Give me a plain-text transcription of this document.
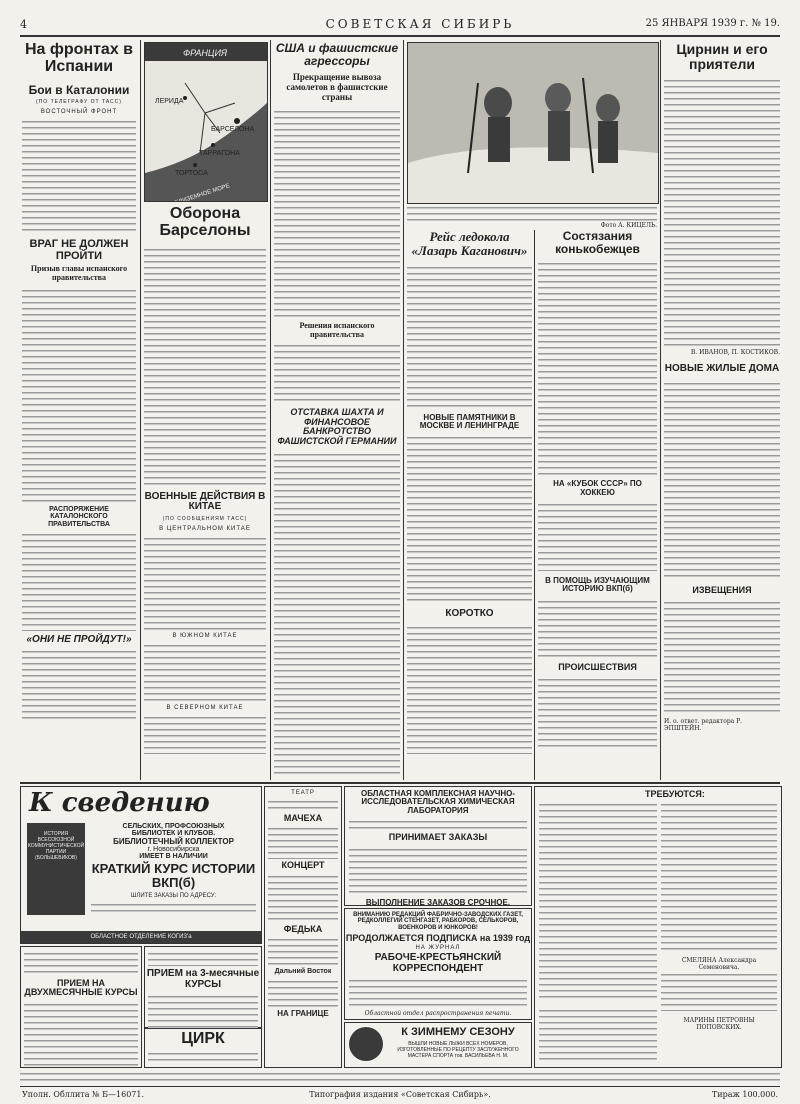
4	СОВЕТСКАЯ СИБИРЬ	25 ЯНВАРЯ 1939 г. № 19.
На фронтах в Испании
Бои в Каталонии
(ПО ТЕЛЕГРАФУ ОТ ТАСС)
ВОСТОЧНЫЙ ФРОНТ
ВРАГ НЕ ДОЛЖЕН ПРОЙТИ
Призыв главы испанского правительства
РАСПОРЯЖЕНИЕ КАТАЛОНСКОГО ПРАВИТЕЛЬСТВА
«ОНИ НЕ ПРОЙДУТ!»
ФРАНЦИЯ
ЛЕРИДА
БАРСЕЛОНА
ТАРРАГОНА
ТОРТОСА
СРЕДИЗЕМНОЕ МОРЕ
Оборона Барселоны
ВОЕННЫЕ ДЕЙСТВИЯ В КИТАЕ
(ПО СООБЩЕНИЯМ ТАСС)
В ЦЕНТРАЛЬНОМ КИТАЕ
В ЮЖНОМ КИТАЕ
В СЕВЕРНОМ КИТАЕ
США и фашистские агрессоры
Прекращение вывоза самолетов в фашистские страны
Решения испанского правительства
ОТСТАВКА ШАХТА И ФИНАНСОВОЕ БАНКРОТСТВО ФАШИСТСКОЙ ГЕРМАНИИ
Фото А. КИЦЕЛЬ.
Рейс ледокола «Лазарь Каганович»
НОВЫЕ ПАМЯТНИКИ В МОСКВЕ И ЛЕНИНГРАДЕ
КОРОТКО
Состязания конькобежцев
НА «КУБОК СССР» ПО ХОККЕЮ
В ПОМОЩЬ ИЗУЧАЮЩИМ ИСТОРИЮ ВКП(б)
ПРОИСШЕСТВИЯ
Цирнин и его приятели
В. ИВАНОВ, П. КОСТИКОВ.
НОВЫЕ ЖИЛЫЕ ДОМА
ИЗВЕЩЕНИЯ
И. о. ответ. редактора Р. ЭПШТЕЙН.
К сведению
ИСТОРИЯ ВСЕСОЮЗНОЙ КОММУНИСТИЧЕСКОЙ ПАРТИИ (БОЛЬШЕВИКОВ)
СЕЛЬСКИХ, ПРОФСОЮЗНЫХ
БИБЛИОТЕК И КЛУБОВ.
БИБЛИОТЕЧНЫЙ КОЛЛЕКТОР
г. Новосибирска
ИМЕЕТ В НАЛИЧИИ
КРАТКИЙ КУРС ИСТОРИИ ВКП(б)
ШЛИТЕ ЗАКАЗЫ ПО АДРЕСУ:
ОБЛАСТНОЕ ОТДЕЛЕНИЕ КОГИЗ'а
ПРИЕМ НА ДВУХМЕСЯЧНЫЕ КУРСЫ
ПРИЕМ на 3-месячные КУРСЫ
ЦИРК
ТЕАТР
МАЧЕХА
КОНЦЕРТ
ФЕДЬКА
Дальний Восток
НА ГРАНИЦЕ
ОБЛАСТНАЯ КОМПЛЕКСНАЯ НАУЧНО-ИССЛЕДОВАТЕЛЬСКАЯ ХИМИЧЕСКАЯ ЛАБОРАТОРИЯ
ПРИНИМАЕТ ЗАКАЗЫ
ВЫПОЛНЕНИЕ ЗАКАЗОВ СРОЧНОЕ.
ВНИМАНИЮ РЕДАКЦИЙ ФАБРИЧНО-ЗАВОДСКИХ ГАЗЕТ, РЕДКОЛЛЕГИЙ СТЕНГАЗЕТ, РАБКОРОВ, СЕЛЬКОРОВ, ВОЕНКОРОВ И ЮНКОРОВ!
ПРОДОЛЖАЕТСЯ ПОДПИСКА на 1939 год
НА ЖУРНАЛ
РАБОЧЕ-КРЕСТЬЯНСКИЙ КОРРЕСПОНДЕНТ
Областной отдел распространения печати.
К ЗИМНЕМУ СЕЗОНУ
ВЫШЛИ НОВЫЕ ЛЫЖИ ВСЕХ НОМЕРОВ, ИЗГОТОВЛЕННЫЕ ПО РЕЦЕПТУ ЗАСЛУЖЕННОГО МАСТЕРА СПОРТА тов. ВАСИЛЬЕВА Н. М.
ТРЕБУЮТСЯ:
СМЕЛЯНА Александра Семеновича.
МАРИНЫ ПЕТРОВНЫ ПОПОВСКИХ.
Уполн. Обллита № Б—16071.	Типография издания «Советская Сибирь».	Тираж 100.000.
